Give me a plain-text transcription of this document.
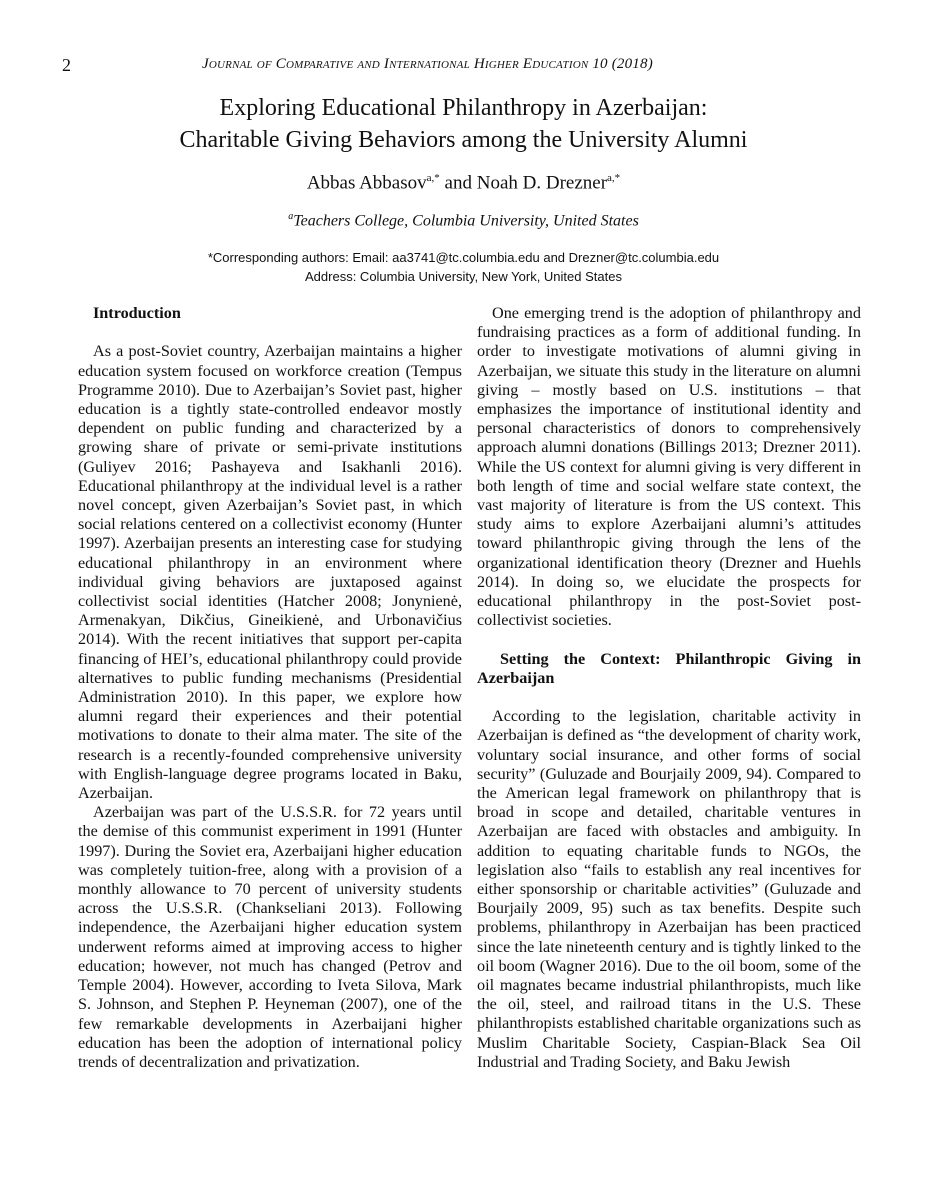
2	Journal of Comparative and International Higher Education 10 (2018)
Exploring Educational Philanthropy in Azerbaijan:
Charitable Giving Behaviors among the University Alumni
Abbas Abbasov$^{a,*}$ and Noah D. Drezner$^{a,*}$
$^a$Teachers College, Columbia University, United States
*Corresponding authors: Email: aa3741@tc.columbia.edu and Drezner@tc.columbia.edu
Address: Columbia University, New York, United States
Introduction

As a post-Soviet country, Azerbaijan maintains a higher education system focused on workforce creation (Tempus Programme 2010). Due to Azerbaijan’s Soviet past, higher education is a tightly state-controlled endeavor mostly dependent on public funding and characterized by a growing share of private or semi-private institutions (Guliyev 2016; Pashayeva and Isakhanli 2016). Educational philanthropy at the individual level is a rather novel concept, given Azerbaijan’s Soviet past, in which social relations centered on a collectivist economy (Hunter 1997). Azerbaijan presents an interesting case for studying educational philanthropy in an environment where individual giving behaviors are juxtaposed against collectivist social identities (Hatcher 2008; Jonynienė, Armenakyan, Dikčius, Gineikienė, and Urbonavičius 2014). With the recent initiatives that support per-capita financing of HEI’s, educational philanthropy could provide alternatives to public funding mechanisms (Presidential Administration 2010). In this paper, we explore how alumni regard their experiences and their potential motivations to donate to their alma mater. The site of the research is a recently-founded comprehensive university with English-language degree programs located in Baku, Azerbaijan.

Azerbaijan was part of the U.S.S.R. for 72 years until the demise of this communist experiment in 1991 (Hunter 1997). During the Soviet era, Azerbaijani higher education was completely tuition-free, along with a provision of a monthly allowance to 70 percent of university students across the U.S.S.R. (Chankseliani 2013). Following independence, the Azerbaijani higher education system underwent reforms aimed at improving access to higher education; however, not much has changed (Petrov and Temple 2004). However, according to Iveta Silova, Mark S. Johnson, and Stephen P. Heyneman (2007), one of the few remarkable developments in Azerbaijani higher education has been the adoption of international policy trends of decentralization and privatization.

One emerging trend is the adoption of philanthropy and fundraising practices as a form of additional funding. In order to investigate motivations of alumni giving in Azerbaijan, we situate this study in the literature on alumni giving – mostly based on U.S. institutions – that emphasizes the importance of institutional identity and personal characteristics of donors to comprehensively approach alumni donations (Billings 2013; Drezner 2011). While the US context for alumni giving is very different in both length of time and social welfare state context, the vast majority of literature is from the US context. This study aims to explore Azerbaijani alumni’s attitudes toward philanthropic giving through the lens of the organizational identification theory (Drezner and Huehls 2014). In doing so, we elucidate the prospects for educational philanthropy in the post-Soviet post-collectivist societies.

Setting the Context: Philanthropic Giving in Azerbaijan

According to the legislation, charitable activity in Azerbaijan is defined as “the development of charity work, voluntary social insurance, and other forms of social security” (Guluzade and Bourjaily 2009, 94). Compared to the American legal framework on philanthropy that is broad in scope and detailed, charitable ventures in Azerbaijan are faced with obstacles and ambiguity. In addition to equating charitable funds to NGOs, the legislation also “fails to establish any real incentives for either sponsorship or charitable activities” (Guluzade and Bourjaily 2009, 95) such as tax benefits. Despite such problems, philanthropy in Azerbaijan has been practiced since the late nineteenth century and is tightly linked to the oil boom (Wagner 2016). Due to the oil boom, some of the oil magnates became industrial philanthropists, much like the oil, steel, and railroad titans in the U.S. These philanthropists established charitable organizations such as Muslim Charitable Society, Caspian-Black Sea Oil Industrial and Trading Society, and Baku Jewish
